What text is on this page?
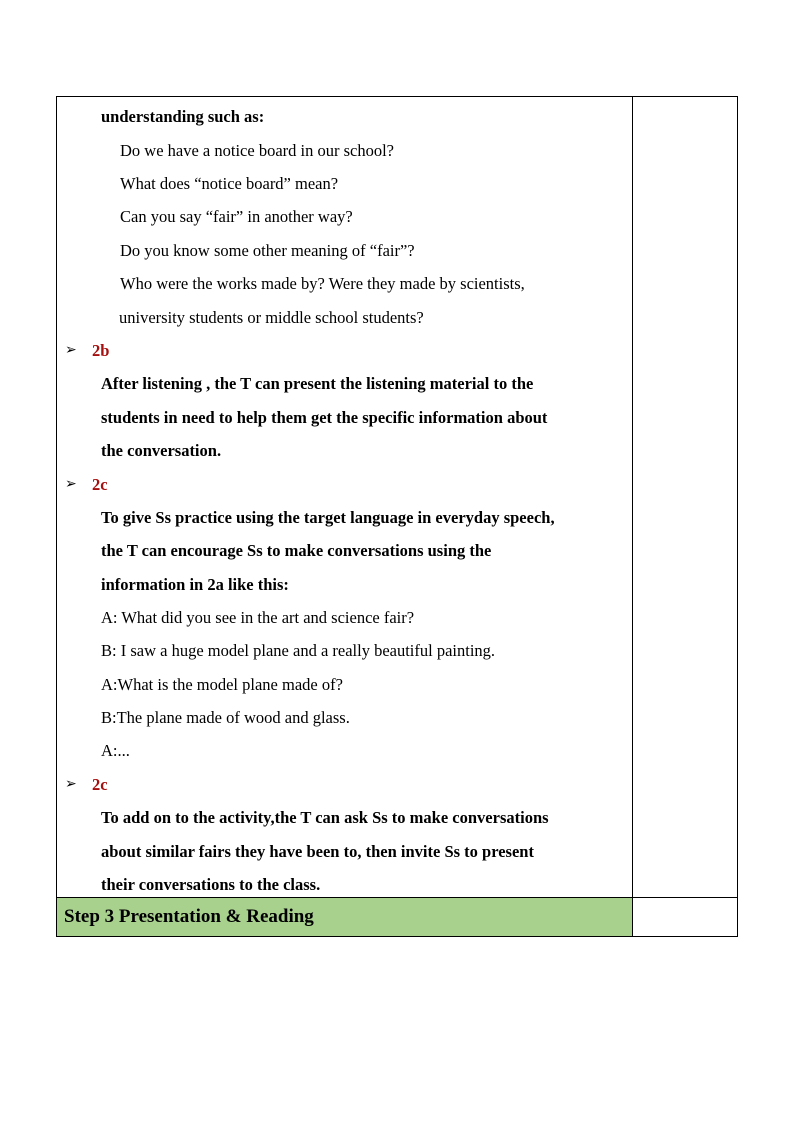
understanding such as:
Do we have a notice board in our school?
What does “notice board” mean?
Can you say “fair” in another way?
Do you know some other meaning of “fair”?
Who were the works made by? Were they made by scientists,
university students or middle school students?
➢ 2b
After listening , the T can present the listening material to the
students in need to help them get the specific information about
the conversation.
➢ 2c
To give Ss practice using the target language in everyday speech,
the T can encourage Ss to make conversations using the
information in 2a like this:
A: What did you see in the art and science fair?
B: I saw a huge model plane and a really beautiful painting.
A:What is the model plane made of?
B:The plane made of wood and glass.
A:...
➢ 2c
To add on to the activity,the T can ask Ss to make conversations
about similar fairs they have been to, then invite Ss to present
their conversations to the class.
Step 3 Presentation & Reading
